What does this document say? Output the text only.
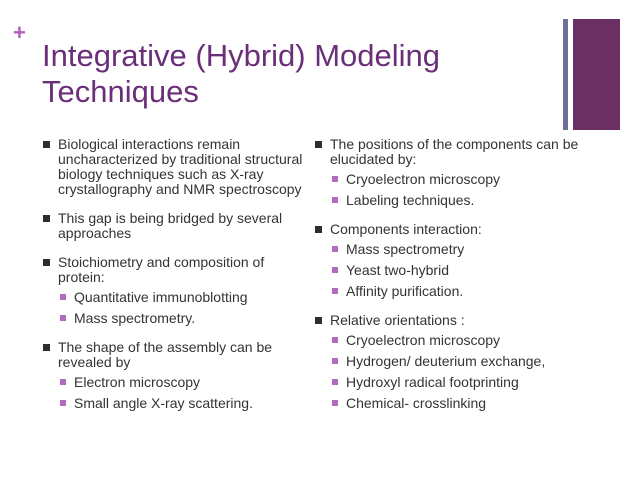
+
Integrative (Hybrid) Modeling Techniques
Biological interactions remain uncharacterized by traditional structural biology techniques such as X-ray crystallography and NMR spectroscopy
This gap is being bridged by several approaches
Stoichiometry and composition of protein:
Quantitative immunoblotting
Mass spectrometry.
The shape of the assembly can be revealed by
Electron microscopy
Small angle X-ray scattering.
The positions of the components can be elucidated by:
Cryoelectron microscopy
Labeling techniques.
Components interaction:
Mass spectrometry
Yeast two-hybrid
Affinity purification.
Relative orientations :
Cryoelectron microscopy
Hydrogen/ deuterium exchange,
Hydroxyl radical footprinting
Chemical- crosslinking
